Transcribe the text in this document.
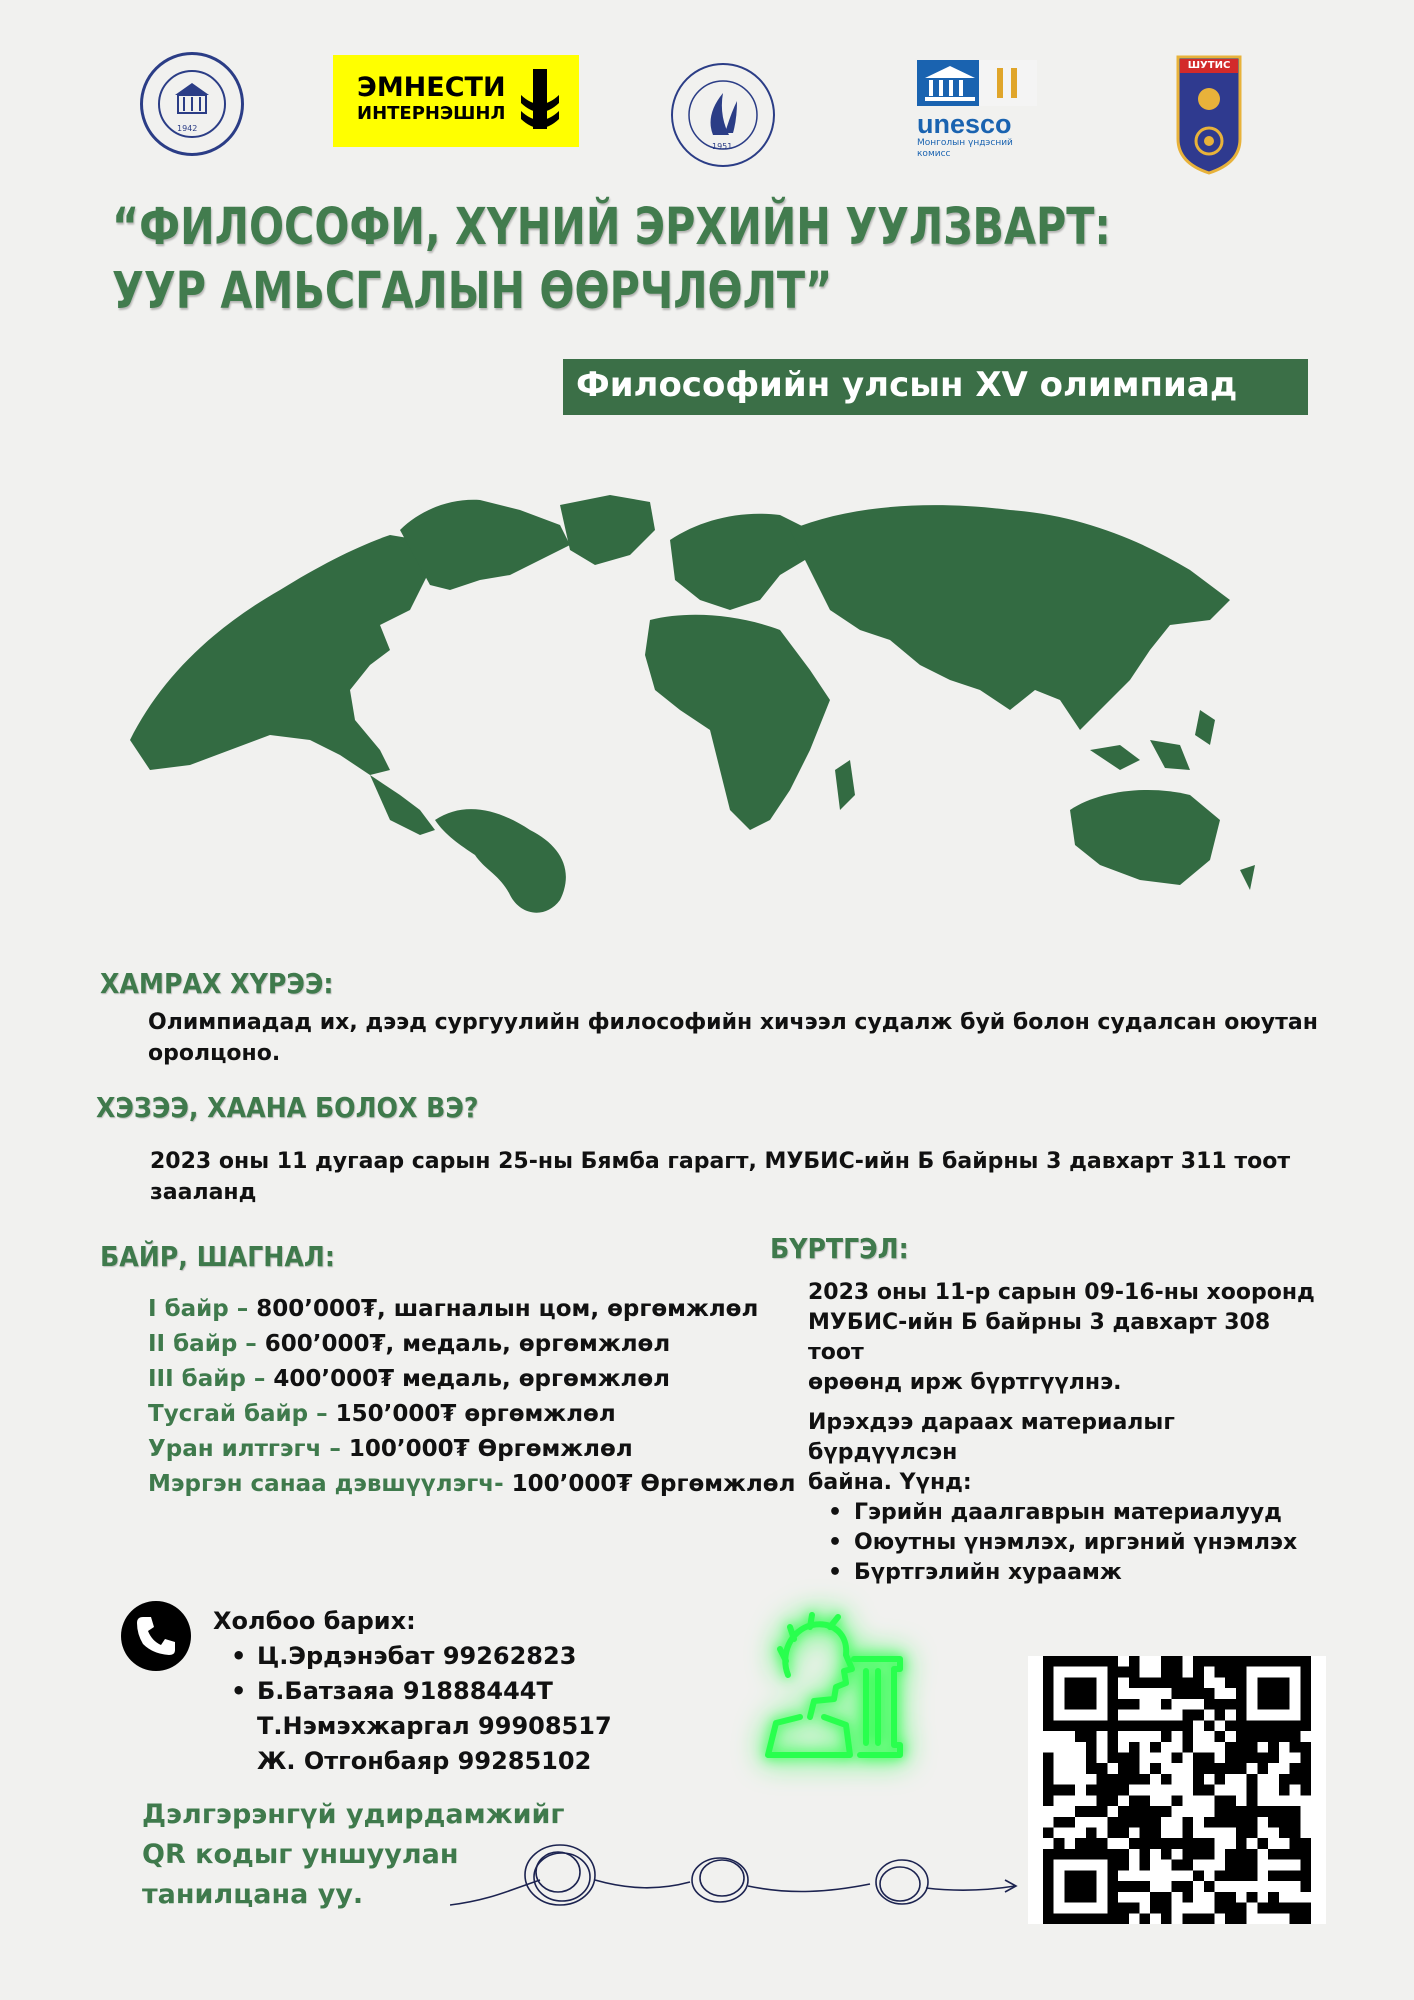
1942
ЭМНЕСТИ
ИНТЕРНЭШНЛ
1951
unesco
Монголын үндэсний
комисс
ШУТИС
“ФИЛОСОФИ, ХҮНИЙ ЭРХИЙН УУЛЗВАРТ:
УУР АМЬСГАЛЫН ӨӨРЧЛӨЛТ”
Философийн улсын XV олимпиад
ХАМРАХ ХҮРЭЭ:
Олимпиадад их, дээд сургуулийн философийн хичээл судалж буй болон судалсан оюутан
оролцоно.
ХЭЗЭЭ, ХААНА БОЛОХ ВЭ?
2023 оны 11 дугаар сарын 25-ны Бямба гарагт, МУБИС-ийн Б байрны 3 давхарт 311 тоот
зааланд
БАЙР, ШАГНАЛ:
I байр – 800’000₮, шагналын цом, өргөмжлөл
II байр – 600’000₮, медаль, өргөмжлөл
III байр – 400’000₮ медаль, өргөмжлөл
Тусгай байр – 150’000₮ өргөмжлөл
Уран илтгэгч – 100’000₮ Өргөмжлөл
Мэргэн санаа дэвшүүлэгч- 100’000₮ Өргөмжлөл
БҮРТГЭЛ:
2023 оны 11-р сарын 09-16-ны хооронд
МУБИС-ийн Б байрны 3 давхарт 308 тоот
өрөөнд ирж бүртгүүлнэ.
Ирэхдээ дараах материалыг бүрдүүлсэн
байна. Үүнд:
• Гэрийн даалгаврын материалууд
• Оюутны үнэмлэх, иргэний үнэмлэх
• Бүртгэлийн хураамж
Холбоо барих:
• Ц.Эрдэнэбат 99262823
• Б.Батзаяа 91888444Т
Т.Нэмэхжаргал 99908517
Ж. Отгонбаяр 99285102
Дэлгэрэнгүй удирдамжийг
QR кодыг уншуулан
танилцана уу.
